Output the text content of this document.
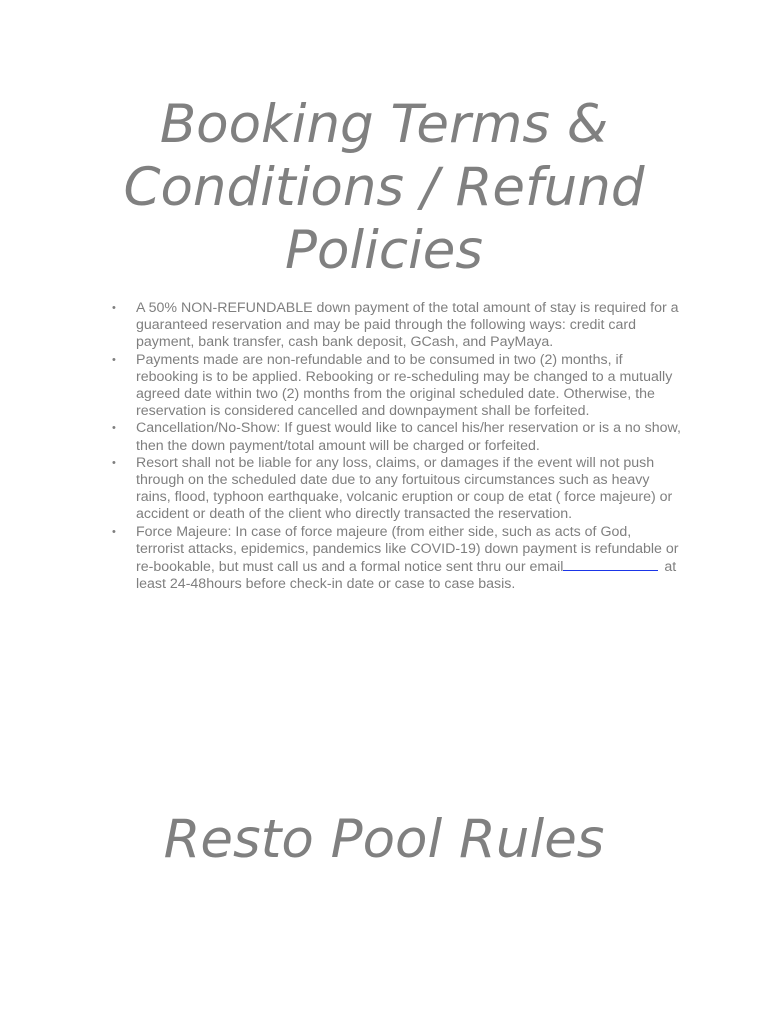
Booking Terms & Conditions / Refund Policies
•	A 50% NON-REFUNDABLE down payment of the total amount of stay is required for a guaranteed reservation and may be paid through the following ways: credit card payment, bank transfer, cash bank deposit, GCash, and PayMaya.
•	Payments made are non-refundable and to be consumed in two (2) months, if rebooking is to be applied. Rebooking or re-scheduling may be changed to a mutually agreed date within two (2) months from the original scheduled date. Otherwise, the reservation is considered cancelled and downpayment shall be forfeited.
•	Cancellation/No-Show: If guest would like to cancel his/her reservation or is a no show, then the down payment/total amount will be charged or forfeited.
•	Resort shall not be liable for any loss, claims, or damages if the event will not push through on the scheduled date due to any fortuitous circumstances such as heavy rains, flood, typhoon earthquake, volcanic eruption or coup de etat ( force majeure) or accident or death of the client who directly transacted the reservation.
•	Force Majeure: In case of force majeure (from either side, such as acts of God, terrorist attacks, epidemics, pandemics like COVID-19) down payment is refundable or re-bookable, but must call us and a formal notice sent thru our email	at least 24-48hours before check-in date or case to case basis.
Resto Pool Rules
